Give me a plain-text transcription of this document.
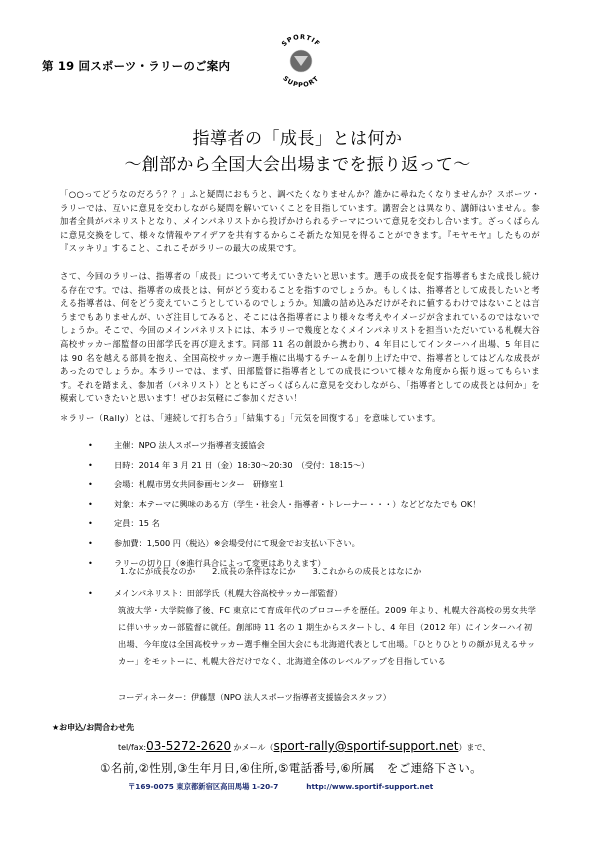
第 19 回スポーツ・ラリーのご案内
SPORTIF
SUPPORT
指導者の「成長」とは何か
～創部から全国大会出場までを振り返って～

「○○ってどうなのだろう？？」ふと疑問におもうと、調べたくなりませんか？誰かに尋ねたくなりませんか？スポーツ・ラリーでは、互いに意見を交わしながら疑問を解いていくことを目指しています。講習会とは異なり、講師はいません。参加者全員がパネリストとなり、メインパネリストから投げかけられるテーマについて意見を交わし合います。ざっくばらんに意見交換をして、様々な情報やアイデアを共有するからこそ新たな知見を得ることができます。『モヤモヤ』したものが『スッキリ』すること、これこそがラリーの最大の成果です。

さて、今回のラリーは、指導者の「成長」について考えていきたいと思います。選手の成長を促す指導者もまた成長し続ける存在です。では、指導者の成長とは、何がどう変わることを指すのでしょうか。もしくは、指導者として成長したいと考える指導者は、何をどう変えていこうとしているのでしょうか。知識の詰め込みだけがそれに値するわけではないことは言うまでもありませんが、いざ注目してみると、そこには各指導者により様々な考えやイメージが含まれているのではないでしょうか。そこで、今回のメインパネリストには、本ラリーで幾度となくメインパネリストを担当いただいている札幌大谷高校サッカー部監督の田部学氏を再び迎えます。同部 11 名の創設から携わり、4 年目にしてインターハイ出場、5 年目には 90 名を越える部員を抱え、全国高校サッカー選手権に出場するチームを創り上げた中で、指導者としてはどんな成長があったのでしょうか。本ラリーでは、まず、田部監督に指導者としての成長について様々な角度から振り返ってもらいます。それを踏まえ、参加者（パネリスト）とともにざっくばらんに意見を交わしながら、「指導者としての成長とは何か」を模索していきたいと思います！ぜひお気軽にご参加ください！

＊ラリー（Rally）とは、「連続して打ち合う」「結集する」「元気を回復する」を意味しています。

•	主催：NPO 法人スポーツ指導者支援協会
•	日時：2014 年 3 月 21 日（金）18:30～20:30　（受付：18:15～）
•	会場：札幌市男女共同参画センター　研修室１
•	対象：本テーマに興味のある方（学生・社会人・指導者・トレーナー・・・）などどなたでも OK！
•	定員：15 名
•	参加費：1,500 円（税込）※会場受付にて現金でお支払い下さい。
•	ラリーの切り口（※進行具合によって変更はありえます）
1.なにが成長なのか 2.成長の条件はなにか 3.これからの成長とはなにか
•	メインパネリスト：田部学氏（札幌大谷高校サッカー部監督）

筑波大学・大学院修了後、FC 東京にて育成年代のプロコーチを歴任。2009 年より、札幌大谷高校の男女共学に伴いサッカー部監督に就任。創部時 11 名の 1 期生からスタートし、4 年目（2012 年）にインターハイ初出場、今年度は全国高校サッカー選手権全国大会にも北海道代表として出場。「ひとりひとりの顔が見えるサッカー」をモットーに、札幌大谷だけでなく、北海道全体のレベルアップを目指している

コーディネーター：伊藤慧（NPO 法人スポーツ指導者支援協会スタッフ）
★お申込/お問合わせ先
tel/fax:03-5272-2620 かメール（sport-rally@sportif-support.net）まで、
①名前,②性別,③生年月日,④住所,⑤電話番号,⑥所属　をご連絡下さい。
〒169-0075 東京都新宿区高田馬場 1-20-7	http://www.sportif-support.net
